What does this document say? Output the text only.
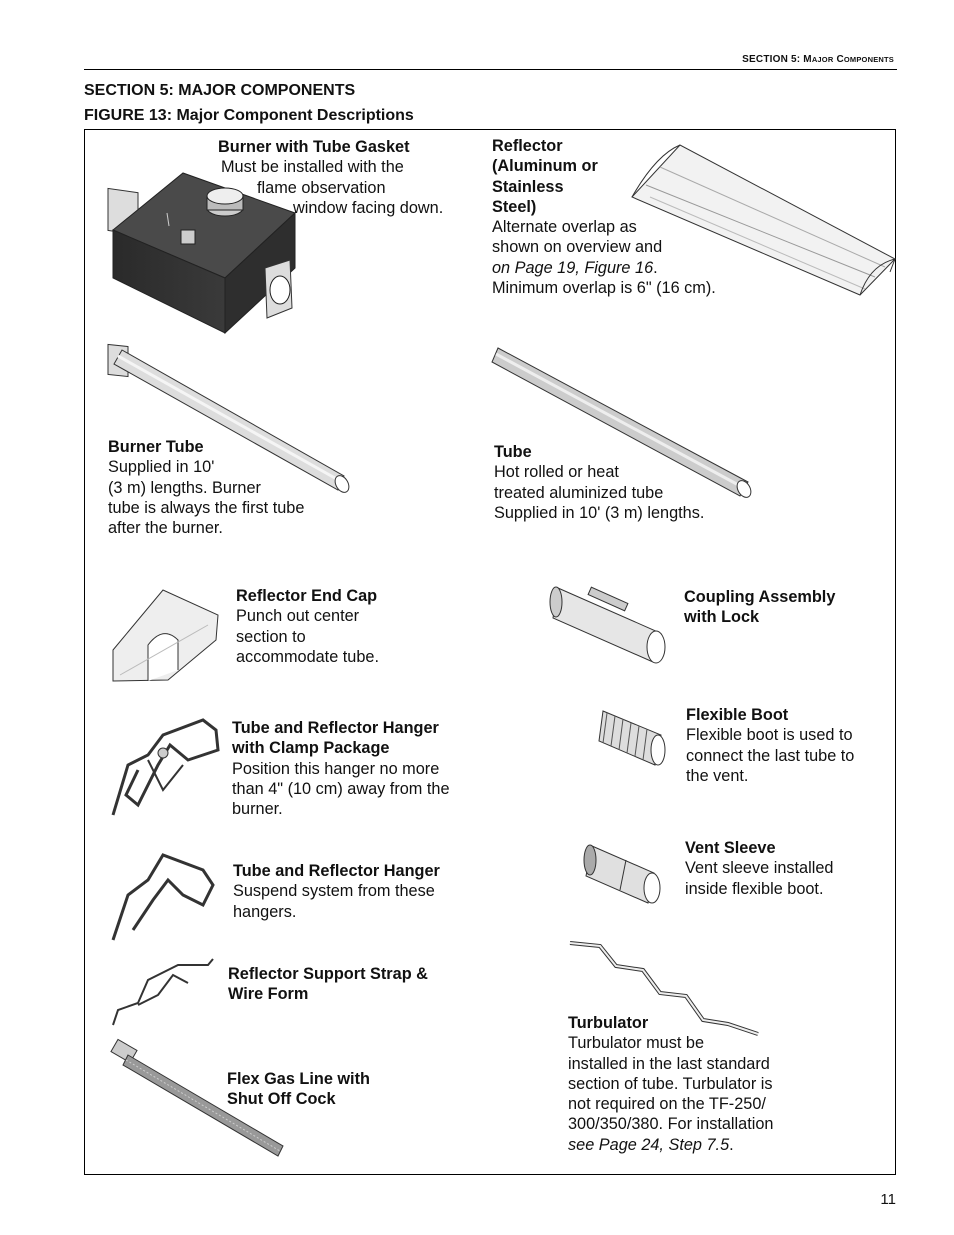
SECTION 5: MAJOR COMPONENTS
SECTION 5: MAJOR COMPONENTS
FIGURE 13: Major Component Descriptions
Burner with Tube Gasket
Must be installed with the
flame observation
window facing down.
Reflector
(Aluminum or
Stainless
Steel)
Alternate overlap as
shown on overview and
on Page 19, Figure 16.
Minimum overlap is 6" (16 cm).
Burner Tube
Supplied in 10'
(3 m) lengths. Burner
tube is always the first tube
after the burner.
Tube
Hot rolled or heat
treated aluminized tube
Supplied in 10' (3 m) lengths.
Reflector End Cap
Punch out center
section to
accommodate tube.
Coupling Assembly
with Lock
Tube and Reflector Hanger
with Clamp Package
Position this hanger no more
than 4" (10 cm) away from the
burner.
Flexible Boot
Flexible boot is used to
connect the last tube to
the vent.
Vent Sleeve
Vent sleeve installed
inside flexible boot.
Tube and Reflector Hanger
Suspend system from these
hangers.
Reflector Support Strap &
Wire Form
Flex Gas Line with
Shut Off Cock
Turbulator
Turbulator must be
installed in the last standard
section of tube. Turbulator is
not required on the TF-250/
300/350/380. For installation
see Page 24, Step 7.5.
11
